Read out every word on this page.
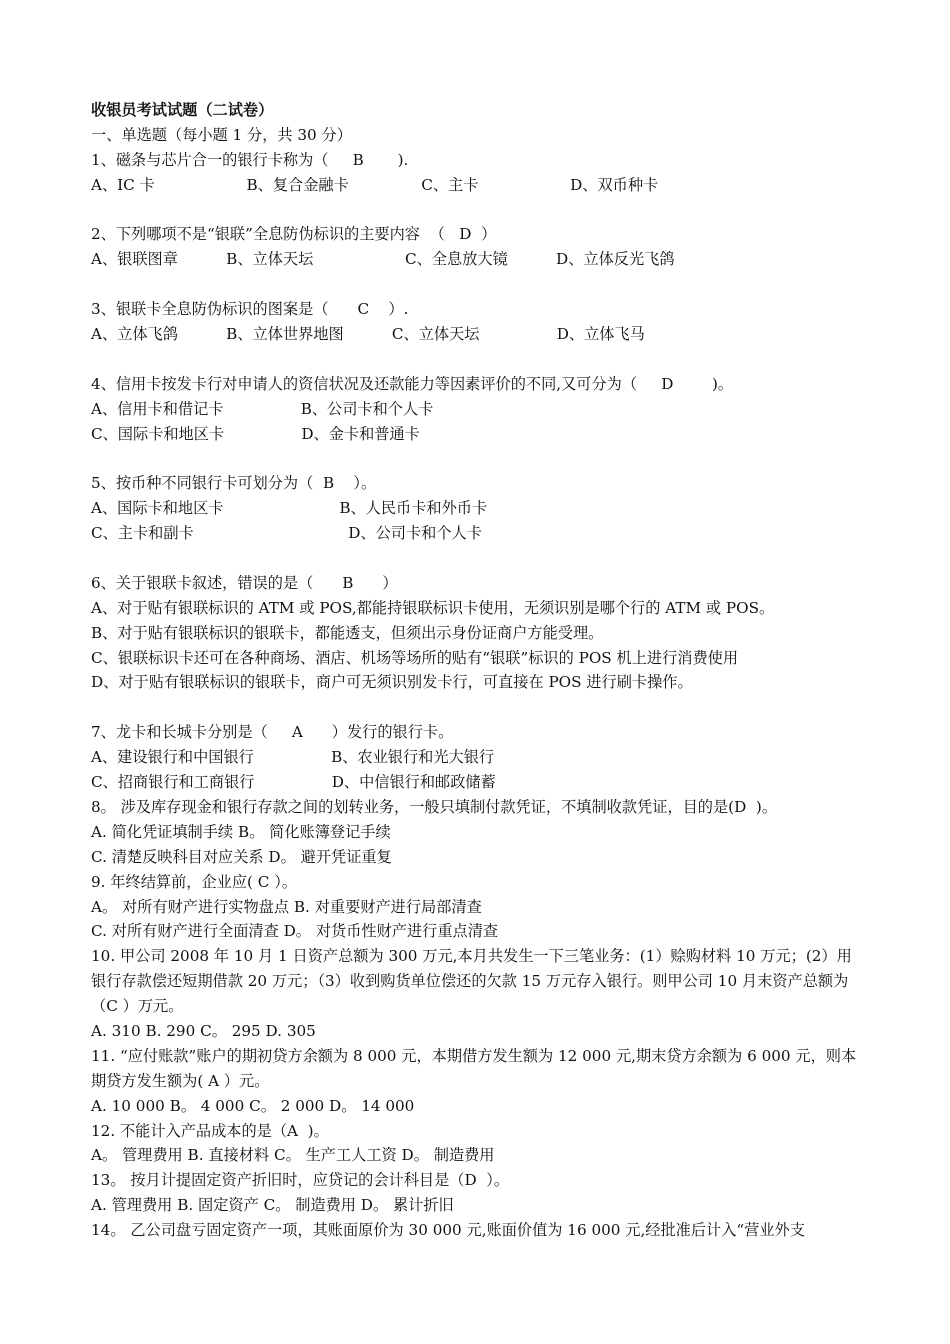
收银员考试试题（二试卷）
一、单选题（每小题 1 分，共 30 分）
1、磁条与芯片合一的银行卡称为（     B       ).
A、IC 卡                   B、复合金融卡               C、主卡                   D、双币种卡
2、下列哪项不是“银联”全息防伪标识的主要内容  （   D  ）
A、银联图章          B、立体天坛                   C、全息放大镜          D、立体反光飞鸽
3、银联卡全息防伪标识的图案是（      C    ）.
A、立体飞鸽          B、立体世界地图          C、立体天坛                D、立体飞马
4、信用卡按发卡行对申请人的资信状况及还款能力等因素评价的不同,又可分为（     D        )。
A、信用卡和借记卡                B、公司卡和个人卡
C、国际卡和地区卡                D、金卡和普通卡
5、按币种不同银行卡可划分为（  B    ）。
A、国际卡和地区卡                        B、人民币卡和外币卡
C、主卡和副卡                                D、公司卡和个人卡
6、关于银联卡叙述，错误的是（      B      ）
A、对于贴有银联标识的 ATM 或 POS,都能持银联标识卡使用，无须识别是哪个行的 ATM 或 POS。
B、对于贴有银联标识的银联卡，都能透支，但须出示身份证商户方能受理。
C、银联标识卡还可在各种商场、酒店、机场等场所的贴有“银联”标识的 POS 机上进行消费使用
D、对于贴有银联标识的银联卡，商户可无须识别发卡行，可直接在 POS 进行刷卡操作。
7、龙卡和长城卡分别是（     A      ）发行的银行卡。
A、建设银行和中国银行                B、农业银行和光大银行
C、招商银行和工商银行                D、中信银行和邮政储蓄
8。 涉及库存现金和银行存款之间的划转业务，一般只填制付款凭证，不填制收款凭证，目的是(D  )。
A. 简化凭证填制手续 B。 简化账簿登记手续
C. 清楚反映科目对应关系 D。 避开凭证重复
9. 年终结算前，企业应( C ）。
A。 对所有财产进行实物盘点 B. 对重要财产进行局部清查
C. 对所有财产进行全面清查 D。 对货币性财产进行重点清查
10. 甲公司 2008 年 10 月 1 日资产总额为 300 万元,本月共发生一下三笔业务：(1）赊购材料 10 万元；(2）用银行存款偿还短期借款 20 万元；（3）收到购货单位偿还的欠款 15 万元存入银行。则甲公司 10 月末资产总额为（C ）万元。
A. 310 B. 290 C。 295 D. 305
11. “应付账款”账户的期初贷方余额为 8 000 元，本期借方发生额为 12 000 元,期末贷方余额为 6 000 元，则本期贷方发生额为( A ）元。
A. 10 000 B。 4 000 C。 2 000 D。 14 000
12. 不能计入产品成本的是（A  )。
A。 管理费用 B. 直接材料 C。 生产工人工资 D。 制造费用
13。 按月计提固定资产折旧时，应贷记的会计科目是（D  ）。
A. 管理费用 B. 固定资产 C。 制造费用 D。 累计折旧
14。 乙公司盘亏固定资产一项，其账面原价为 30 000 元,账面价值为 16 000 元,经批准后计入“营业外支
